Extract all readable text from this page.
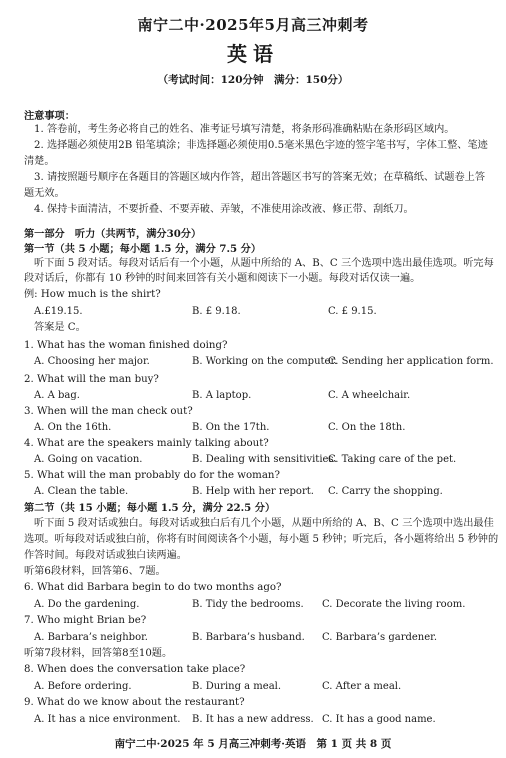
南宁二中·2025年5月高三冲刺考
英语
（考试时间：120分钟　满分：150分）
注意事项：
1. 答卷前，考生务必将自己的姓名、准考证号填写清楚，将条形码准确粘贴在条形码区域内。
2. 选择题必须使用2B 铅笔填涂；非选择题必须使用0.5毫米黑色字迹的签字笔书写，字体工整、笔迹
清楚。
3. 请按照题号顺序在各题目的答题区域内作答，超出答题区书写的答案无效；在草稿纸、试题卷上答
题无效。
4. 保持卡面清洁，不要折叠、不要弄破、弄皱，不准使用涂改液、修正带、刮纸刀。
第一部分　听力（共两节，满分30分）
第一节（共 5 小题；每小题 1.5 分，满分 7.5 分）
听下面 5 段对话。每段对话后有一个小题，从题中所给的 A、B、C 三个选项中选出最佳选项。听完每
段对话后，你都有 10 秒钟的时间来回答有关小题和阅读下一小题。每段对话仅读一遍。
例: How much is the shirt?
A.£19.15.	B. £ 9.18.	C. £ 9.15.
答案是 C。
1. What has the woman finished doing?
A. Choosing her major.	B. Working on the computer.
C. Sending her application form.
2. What will the man buy?
A. A bag.	B. A laptop.	C. A wheelchair.
3. When will the man check out?
A. On the 16th.	B. On the 17th.	C. On the 18th.
4. What are the speakers mainly talking about?
A. Going on vacation.	B. Dealing with sensitivities.
C. Taking care of the pet.
5. What will the man probably do for the woman?
A. Clean the table.	B. Help with her report. C. Carry the shopping.
第二节（共 15 小题；每小题 1.5 分，满分 22.5 分）
听下面 5 段对话或独白。每段对话或独白后有几个小题，从题中所给的 A、B、C 三个选项中选出最佳
选项。听每段对话或独白前，你将有时间阅读各个小题，每小题 5 秒钟；听完后，各小题将给出 5 秒钟的
作答时间。每段对话或独白读两遍。
听第6段材料，回答第6、7题。
6. What did Barbara begin to do two months ago?
A. Do the gardening.	B. Tidy the bedrooms. C. Decorate the living room.
7. Who might Brian be?
A. Barbara’s neighbor.	B. Barbara’s husband. C. Barbara’s gardener.
听第7段材料，回答第8至10题。
8. When does the conversation take place?
A. Before ordering.	B. During a meal.	C. After a meal.
9. What do we know about the restaurant?
A. It has a nice environment. B. It has a new address. C. It has a good name.
南宁二中·2025 年 5 月高三冲刺考·英语　第 1 页 共 8 页
